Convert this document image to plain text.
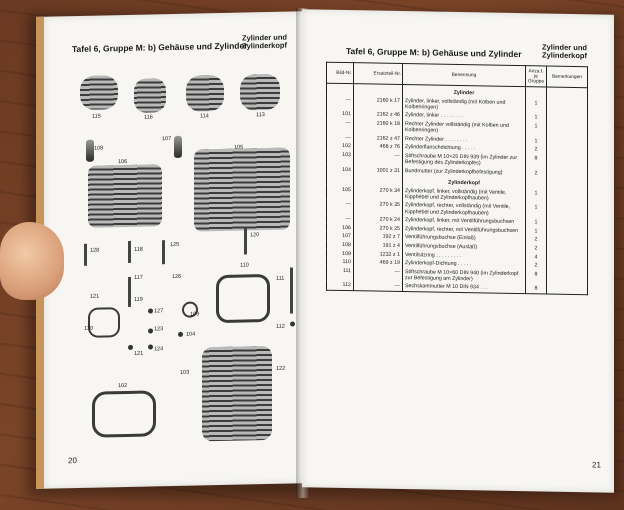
Tafel 6, Gruppe M: b) Gehäuse und Zylinder
Zylinder und Zylinderkopf
115	116	114	113
108
106
107
105
128	118
125
126	111
109
110
117
120
119
121
127
123
130
121
124
104
112
103
102
122
20
Tafel 6, Gruppe M: b) Gehäuse und Zylinder	Zylinder und Zylinderkopf
Bild-Nr.	Ersatzteil-Nr.	Benennung	Anza.f. je Gruppe	Bemerkungen
		Zylinder		
—	2160 k 17	Zylinder, linker, vollständig (mit Kolben und Kolbenringen)	1	
101	2162 z 46	Zylinder, linker . . . . . . . .	1	
—	2160 k 18	Rechter Zylinder vollständig (mit Kolben und Kolbenringen)	1	
—	2162 z 47	Rechter Zylinder . . . . . . . .	1	
102	468 z 76	Zylinderflanschdichtung . . . . .	2	
103	—	Stiftschraube M 10×25 DIN 939 (im Zylinder zur Befestigung des Zylinderkopfes)	8	
104	1001 z 31	Bundmutter (zur Zylinderkopfbefestigung)	2	
		Zylinderkopf		
105	270 k 34	Zylinderkopf, linker, vollständig (mit Ventile, Kipphebel und Zylinderkopfhauben)	1	
—	270 k 35	Zylinderkopf, rechter, vollständig (mit Ventile, Kipphebel und Zylinderkopfhauben)	1	
—	270 k 24	Zylinderkopf, linker, mit Ventilführungsbuchsen	1	
106	270 k 25	Zylinderkopf, rechter, mit Ventilführungsbuchsen	1	
107	192 z 7	Ventilführungsbuchse (Einlaß)	2	
108	191 z 4	Ventilführungsbuchse (Auslaß)	2	
109	1232 z 1	Ventilsitzring . . . . . . . . .	4	
110	469 z 19	Zylinderkopf-Dichtung . . . . .	2	
111	—	Stiftschraube M 10×60 DIN 940 (im Zylinderkopf zur Befestigung am Zylinder)	8	
112	—	Sechskantmutter M 10 DIN 934 . . .	8	
21
